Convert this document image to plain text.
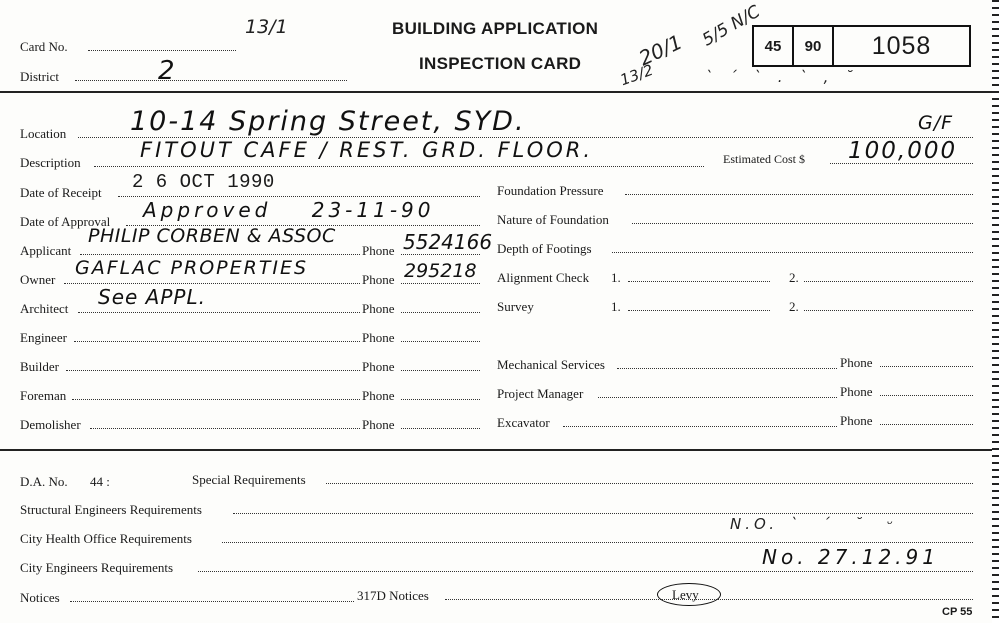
Card No.
13/1
District	2
BUILDING APPLICATION
INSPECTION CARD	20/1 5/5 N/C
13/2	` ´ ` . ` , ˘
45	90	1058
Location 10-14 Spring Street, SYD.	G/F
Description
FITOUT CAFE / REST. GRD. FLOOR.	Estimated Cost $ 100,000
Date of Receipt 2 6 OCT 1990
Date of Approval Approved 23-11-90
Applicant
PHILIP CORBEN & ASSOC
Phone 5524166
Owner
GAFLAC PROPERTIES
Phone 295218
Architect See APPL.	Phone
Engineer	Phone
Builder	Phone
Foreman	Phone
Demolisher	Phone
Foundation Pressure
Nature of Foundation
Depth of Footings
Alignment Check 1.	2.
Survey	1.	2.
Mechanical Services	Phone
Project Manager	Phone
Excavator	Phone
D.A. No. 44 :	Special Requirements
Structural Engineers Requirements
City Health Office Requirements
N.O. ` ´ ˘ ᵕ
City Engineers Requirements	No. 27.12.91
Notices	317D Notices	Levy
CP 55
